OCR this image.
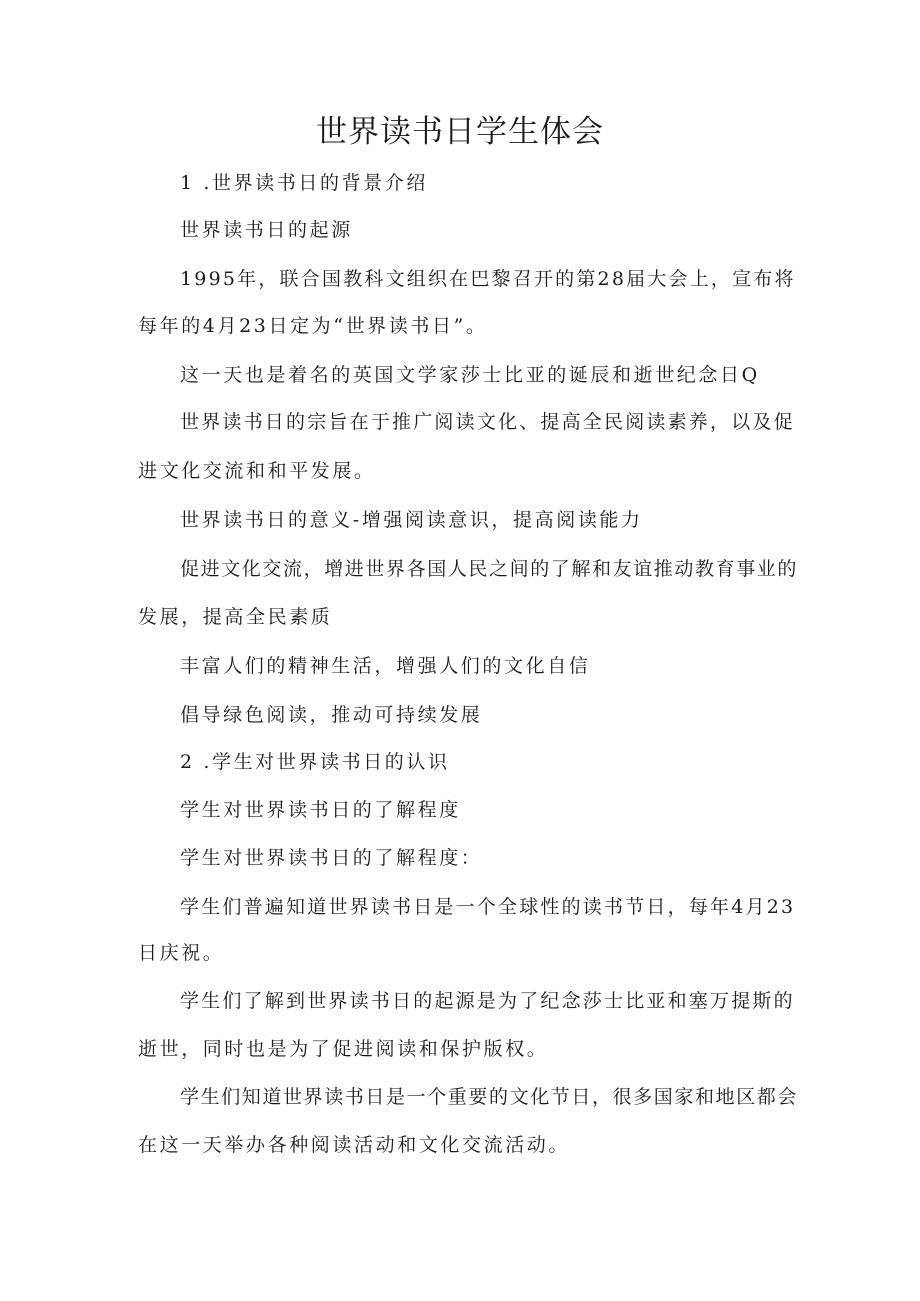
世界读书日学生体会
1 .世界读书日的背景介绍
世界读书日的起源
1995年，联合国教科文组织在巴黎召开的第28届大会上，宣布将
每年的4月23日定为“世界读书日”。
这一天也是着名的英国文学家莎士比亚的诞辰和逝世纪念日Q
世界读书日的宗旨在于推广阅读文化、提高全民阅读素养，以及促
进文化交流和和平发展。
世界读书日的意义-增强阅读意识，提高阅读能力
促进文化交流，增进世界各国人民之间的了解和友谊推动教育事业的
发展，提高全民素质
丰富人们的精神生活，增强人们的文化自信
倡导绿色阅读，推动可持续发展
2 .学生对世界读书日的认识
学生对世界读书日的了解程度
学生对世界读书日的了解程度：
学生们普遍知道世界读书日是一个全球性的读书节日，每年4月23
日庆祝。
学生们了解到世界读书日的起源是为了纪念莎士比亚和塞万提斯的
逝世，同时也是为了促进阅读和保护版权。
学生们知道世界读书日是一个重要的文化节日，很多国家和地区都会
在这一天举办各种阅读活动和文化交流活动。
